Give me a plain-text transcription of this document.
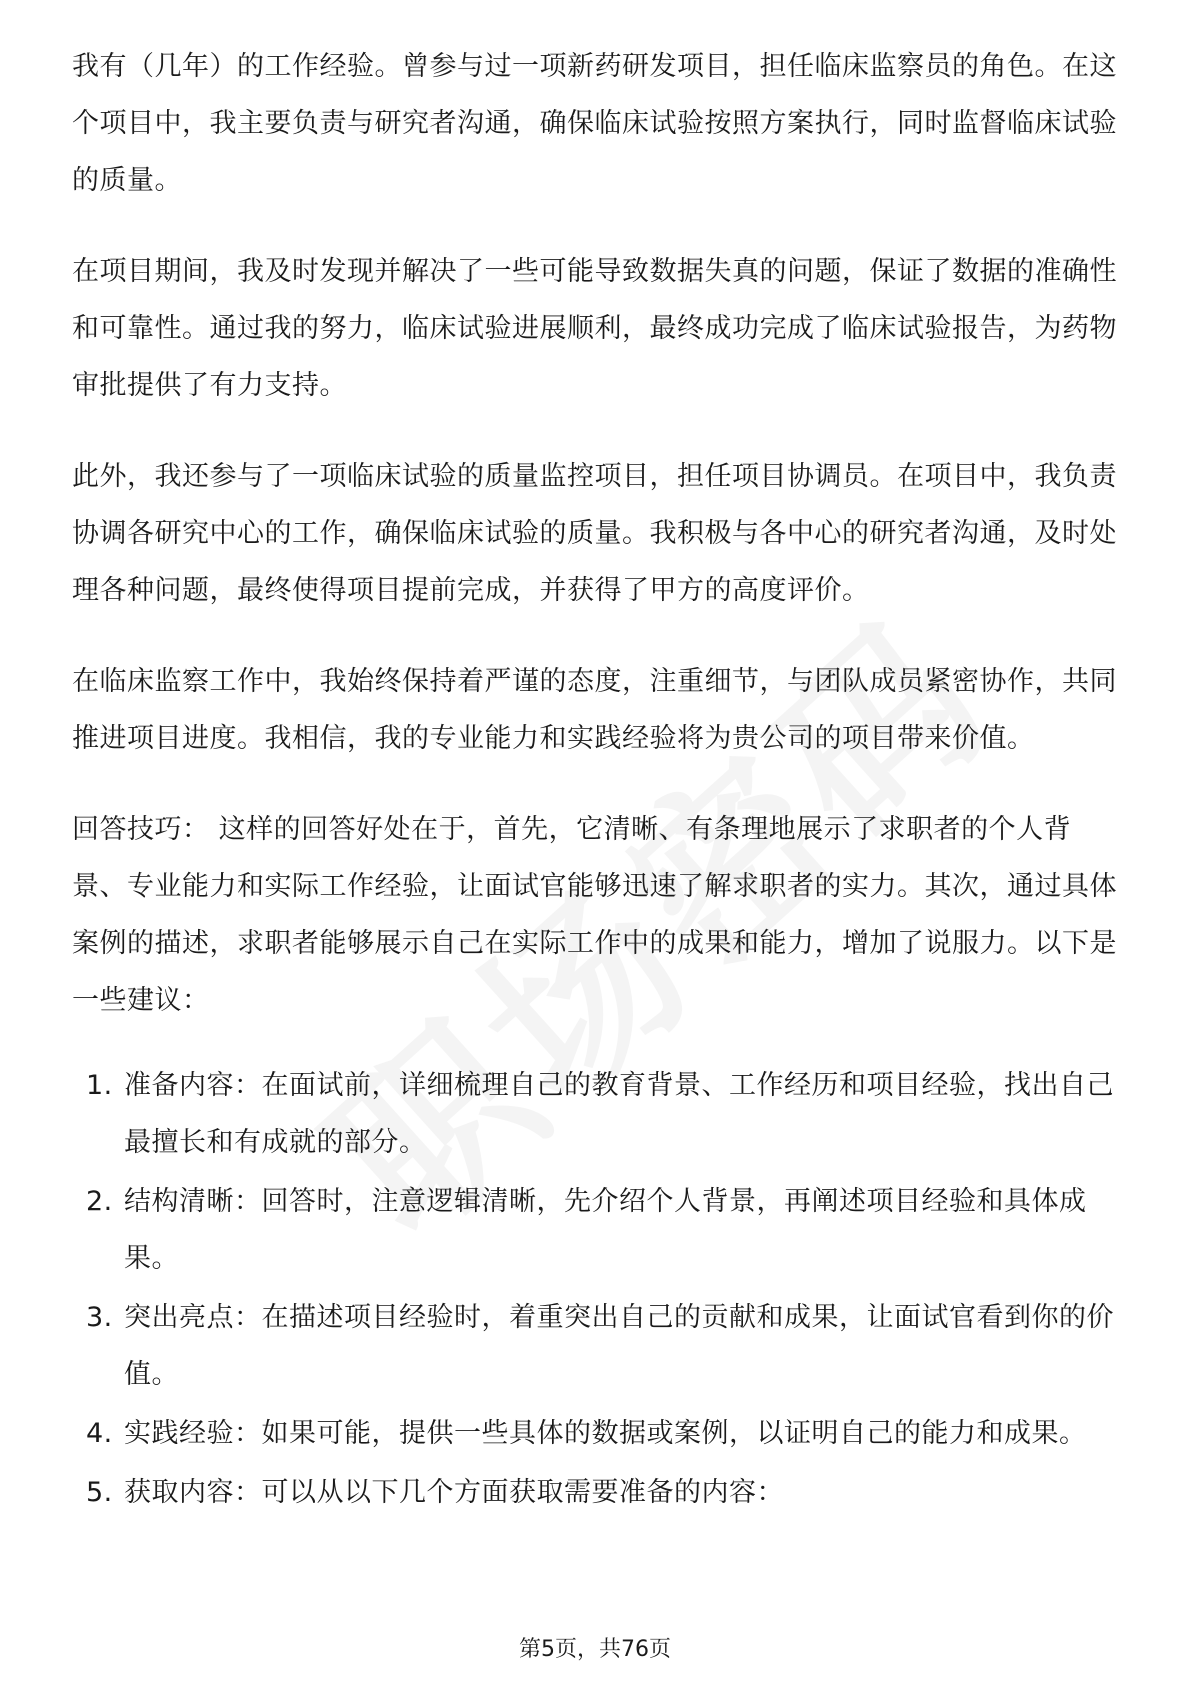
我有（几年）的工作经验。曾参与过一项新药研发项目，担任临床监察员的角色。在这个项目中，我主要负责与研究者沟通，确保临床试验按照方案执行，同时监督临床试验的质量。

在项目期间，我及时发现并解决了一些可能导致数据失真的问题，保证了数据的准确性和可靠性。通过我的努力，临床试验进展顺利，最终成功完成了临床试验报告，为药物审批提供了有力支持。

此外，我还参与了一项临床试验的质量监控项目，担任项目协调员。在项目中，我负责协调各研究中心的工作，确保临床试验的质量。我积极与各中心的研究者沟通，及时处理各种问题，最终使得项目提前完成，并获得了甲方的高度评价。

在临床监察工作中，我始终保持着严谨的态度，注重细节，与团队成员紧密协作，共同推进项目进度。我相信，我的专业能力和实践经验将为贵公司的项目带来价值。

回答技巧： 这样的回答好处在于，首先，它清晰、有条理地展示了求职者的个人背景、专业能力和实际工作经验，让面试官能够迅速了解求职者的实力。其次，通过具体案例的描述，求职者能够展示自己在实际工作中的成果和能力，增加了说服力。以下是一些建议：

1. 准备内容：在面试前，详细梳理自己的教育背景、工作经历和项目经验，找出自己最擅长和有成就的部分。
2. 结构清晰：回答时，注意逻辑清晰，先介绍个人背景，再阐述项目经验和具体成果。
3. 突出亮点：在描述项目经验时，着重突出自己的贡献和成果，让面试官看到你的价值。
4. 实践经验：如果可能，提供一些具体的数据或案例，以证明自己的能力和成果。
5. 获取内容：可以从以下几个方面获取需要准备的内容：
第5页，共76页
